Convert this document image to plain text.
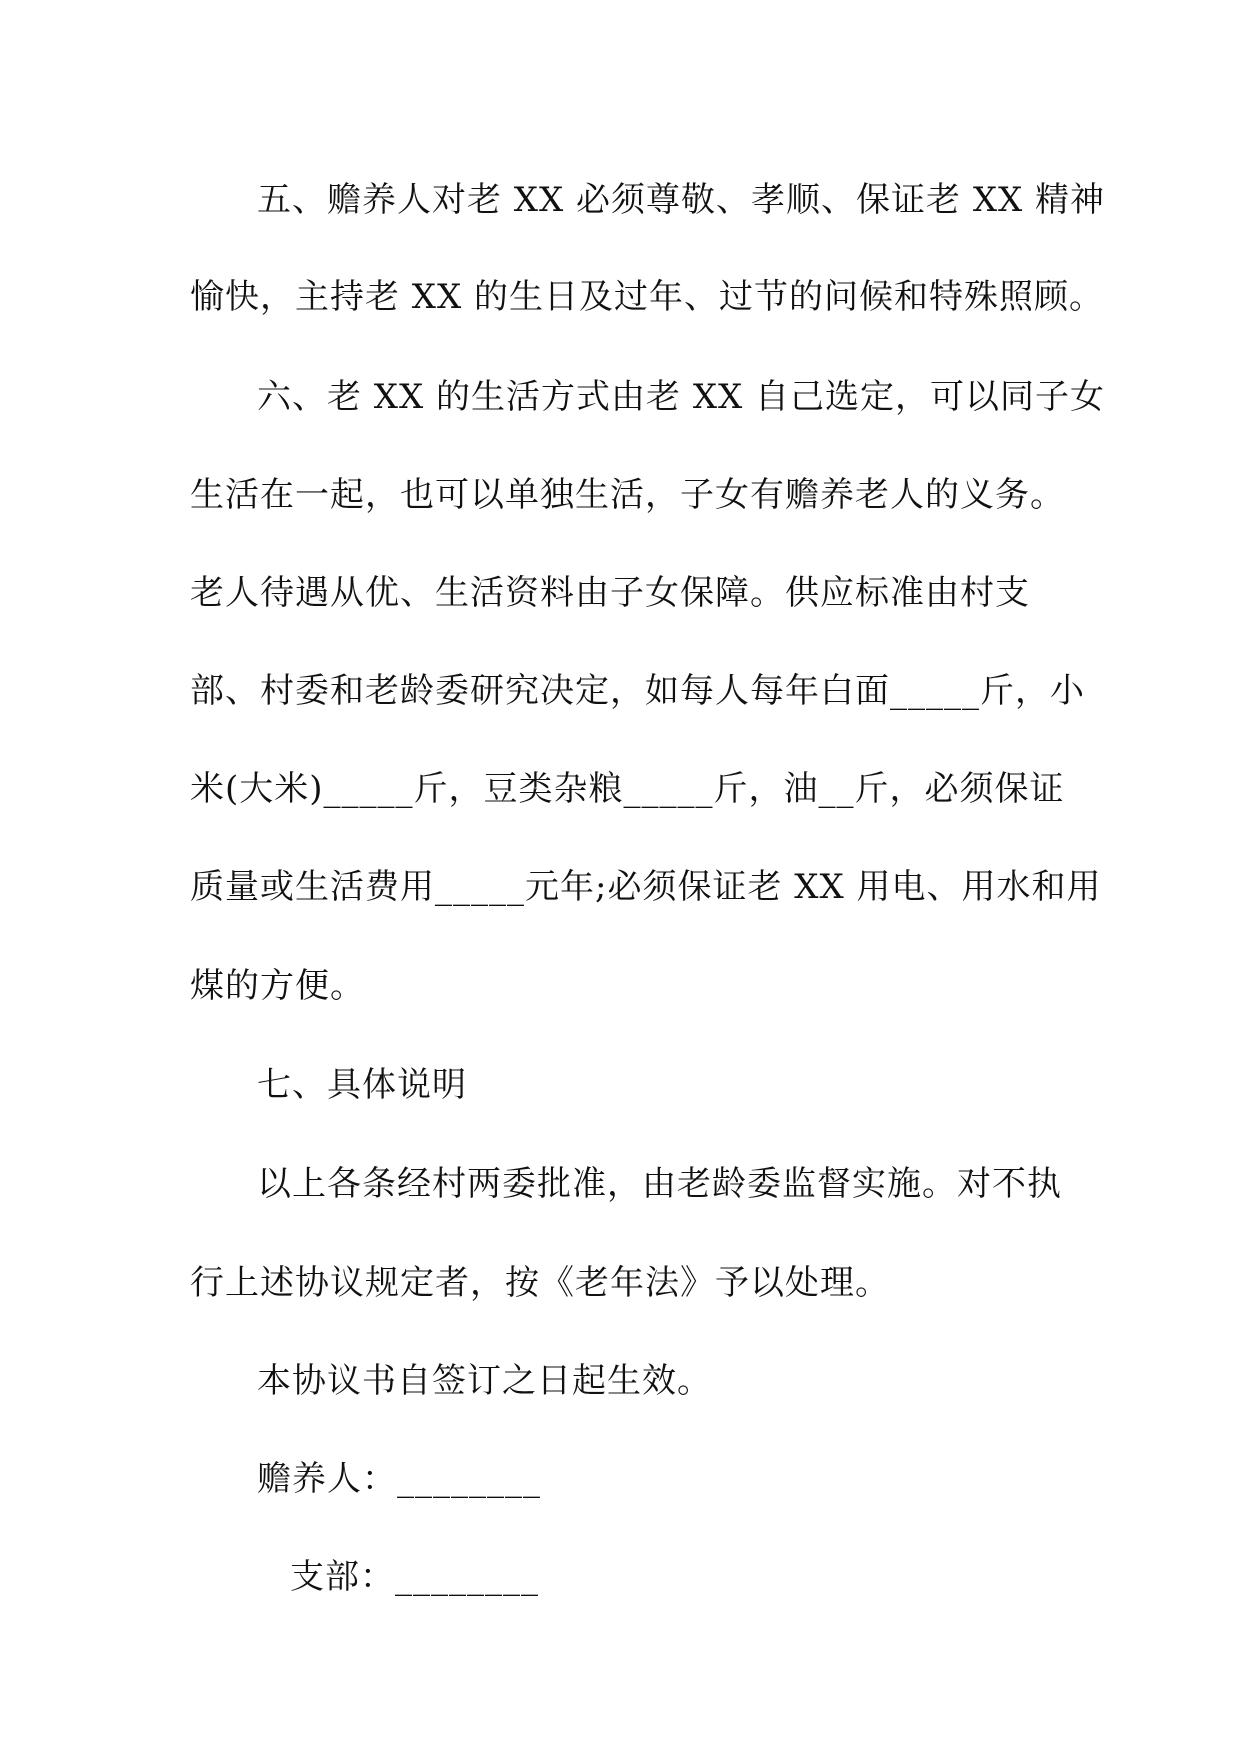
五、赡养人对老 XX 必须尊敬、孝顺、保证老 XX 精神
愉快，主持老 XX 的生日及过年、过节的问候和特殊照顾。
六、老 XX 的生活方式由老 XX 自己选定，可以同子女
生活在一起，也可以单独生活，子女有赡养老人的义务。
老人待遇从优、生活资料由子女保障。供应标准由村支
部、村委和老龄委研究决定，如每人每年白面_____斤，小
米(大米)_____斤，豆类杂粮_____斤，油__斤，必须保证
质量或生活费用_____元年;必须保证老 XX 用电、用水和用
煤的方便。
七、具体说明
以上各条经村两委批准，由老龄委监督实施。对不执
行上述协议规定者，按《老年法》予以处理。
本协议书自签订之日起生效。
赡养人：________
支部：________
